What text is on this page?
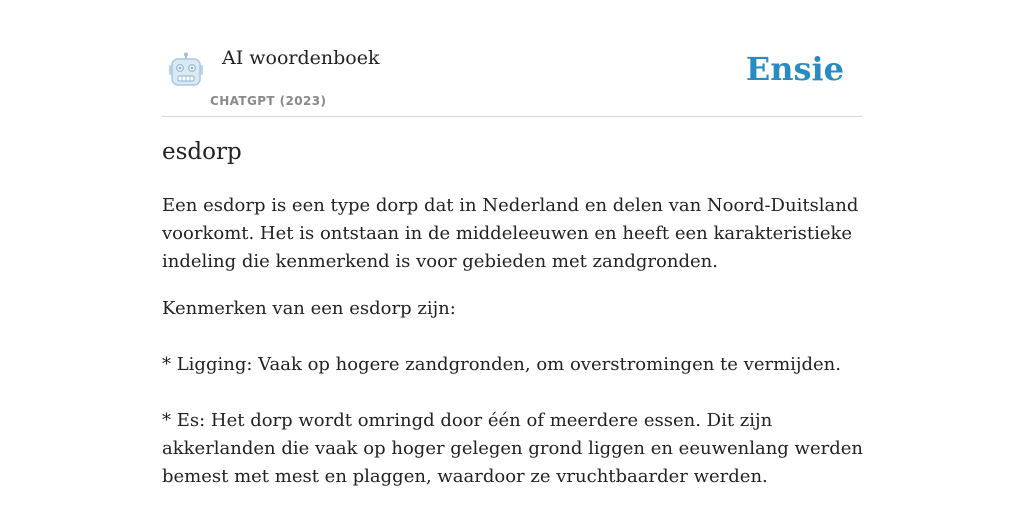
AI woordenboek
CHATGPT (2023)
Ensie
esdorp

Een esdorp is een type dorp dat in Nederland en delen van Noord-Duitsland voorkomt. Het is ontstaan in de middeleeuwen en heeft een karakteristieke indeling die kenmerkend is voor gebieden met zandgronden.

Kenmerken van een esdorp zijn:

* Ligging: Vaak op hogere zandgronden, om overstromingen te vermijden.

* Es: Het dorp wordt omringd door één of meerdere essen. Dit zijn akkerlanden die vaak op hoger gelegen grond liggen en eeuwenlang werden bemest met mest en plaggen, waardoor ze vruchtbaarder werden.
